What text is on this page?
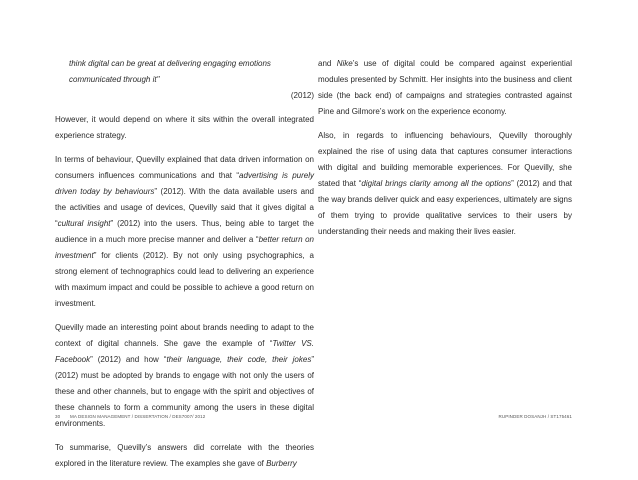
think digital can be great at delivering engaging emotions communicated through it"

(2012)

However, it would depend on where it sits within the overall integrated experience strategy.

In terms of behaviour, Quevilly explained that data driven information on consumers influences communications and that “advertising is purely driven today by behaviours” (2012). With the data available users and the activities and usage of devices, Quevilly said that it gives digital a “cultural insight” (2012) into the users. Thus, being able to target the audience in a much more precise manner and deliver a “better return on investment” for clients (2012). By not only using psychographics, a strong element of technographics could lead to delivering an experience with maximum impact and could be possible to achieve a good return on investment.

Quevilly made an interesting point about brands needing to adapt to the context of digital channels. She gave the example of “Twitter VS. Facebook” (2012) and how “their language, their code, their jokes” (2012) must be adopted by brands to engage with not only the users of these and other channels, but to engage with the spirit and objectives of these channels to form a community among the users in these digital environments.

To summarise, Quevilly’s answers did correlate with the theories explored in the literature review. The examples she gave of Burberry

and Nike’s use of digital could be compared against experiential modules presented by Schmitt. Her insights into the business and client side (the back end) of campaigns and strategies contrasted against Pine and Gilmore’s work on the experience economy.

Also, in regards to influencing behaviours, Quevilly thoroughly explained the rise of using data that captures consumer interactions with digital and building memorable experiences. For Quevilly, she stated that “digital brings clarity among all the options” (2012) and that the way brands deliver quick and easy experiences, ultimately are signs of them trying to provide qualitative services to their users by understanding their needs and making their lives easier.

30 MA DESIGN MANAGEMENT / DISSERTATION / DES7007/ 2012	RUPINDER DOSANJH / ST175461
